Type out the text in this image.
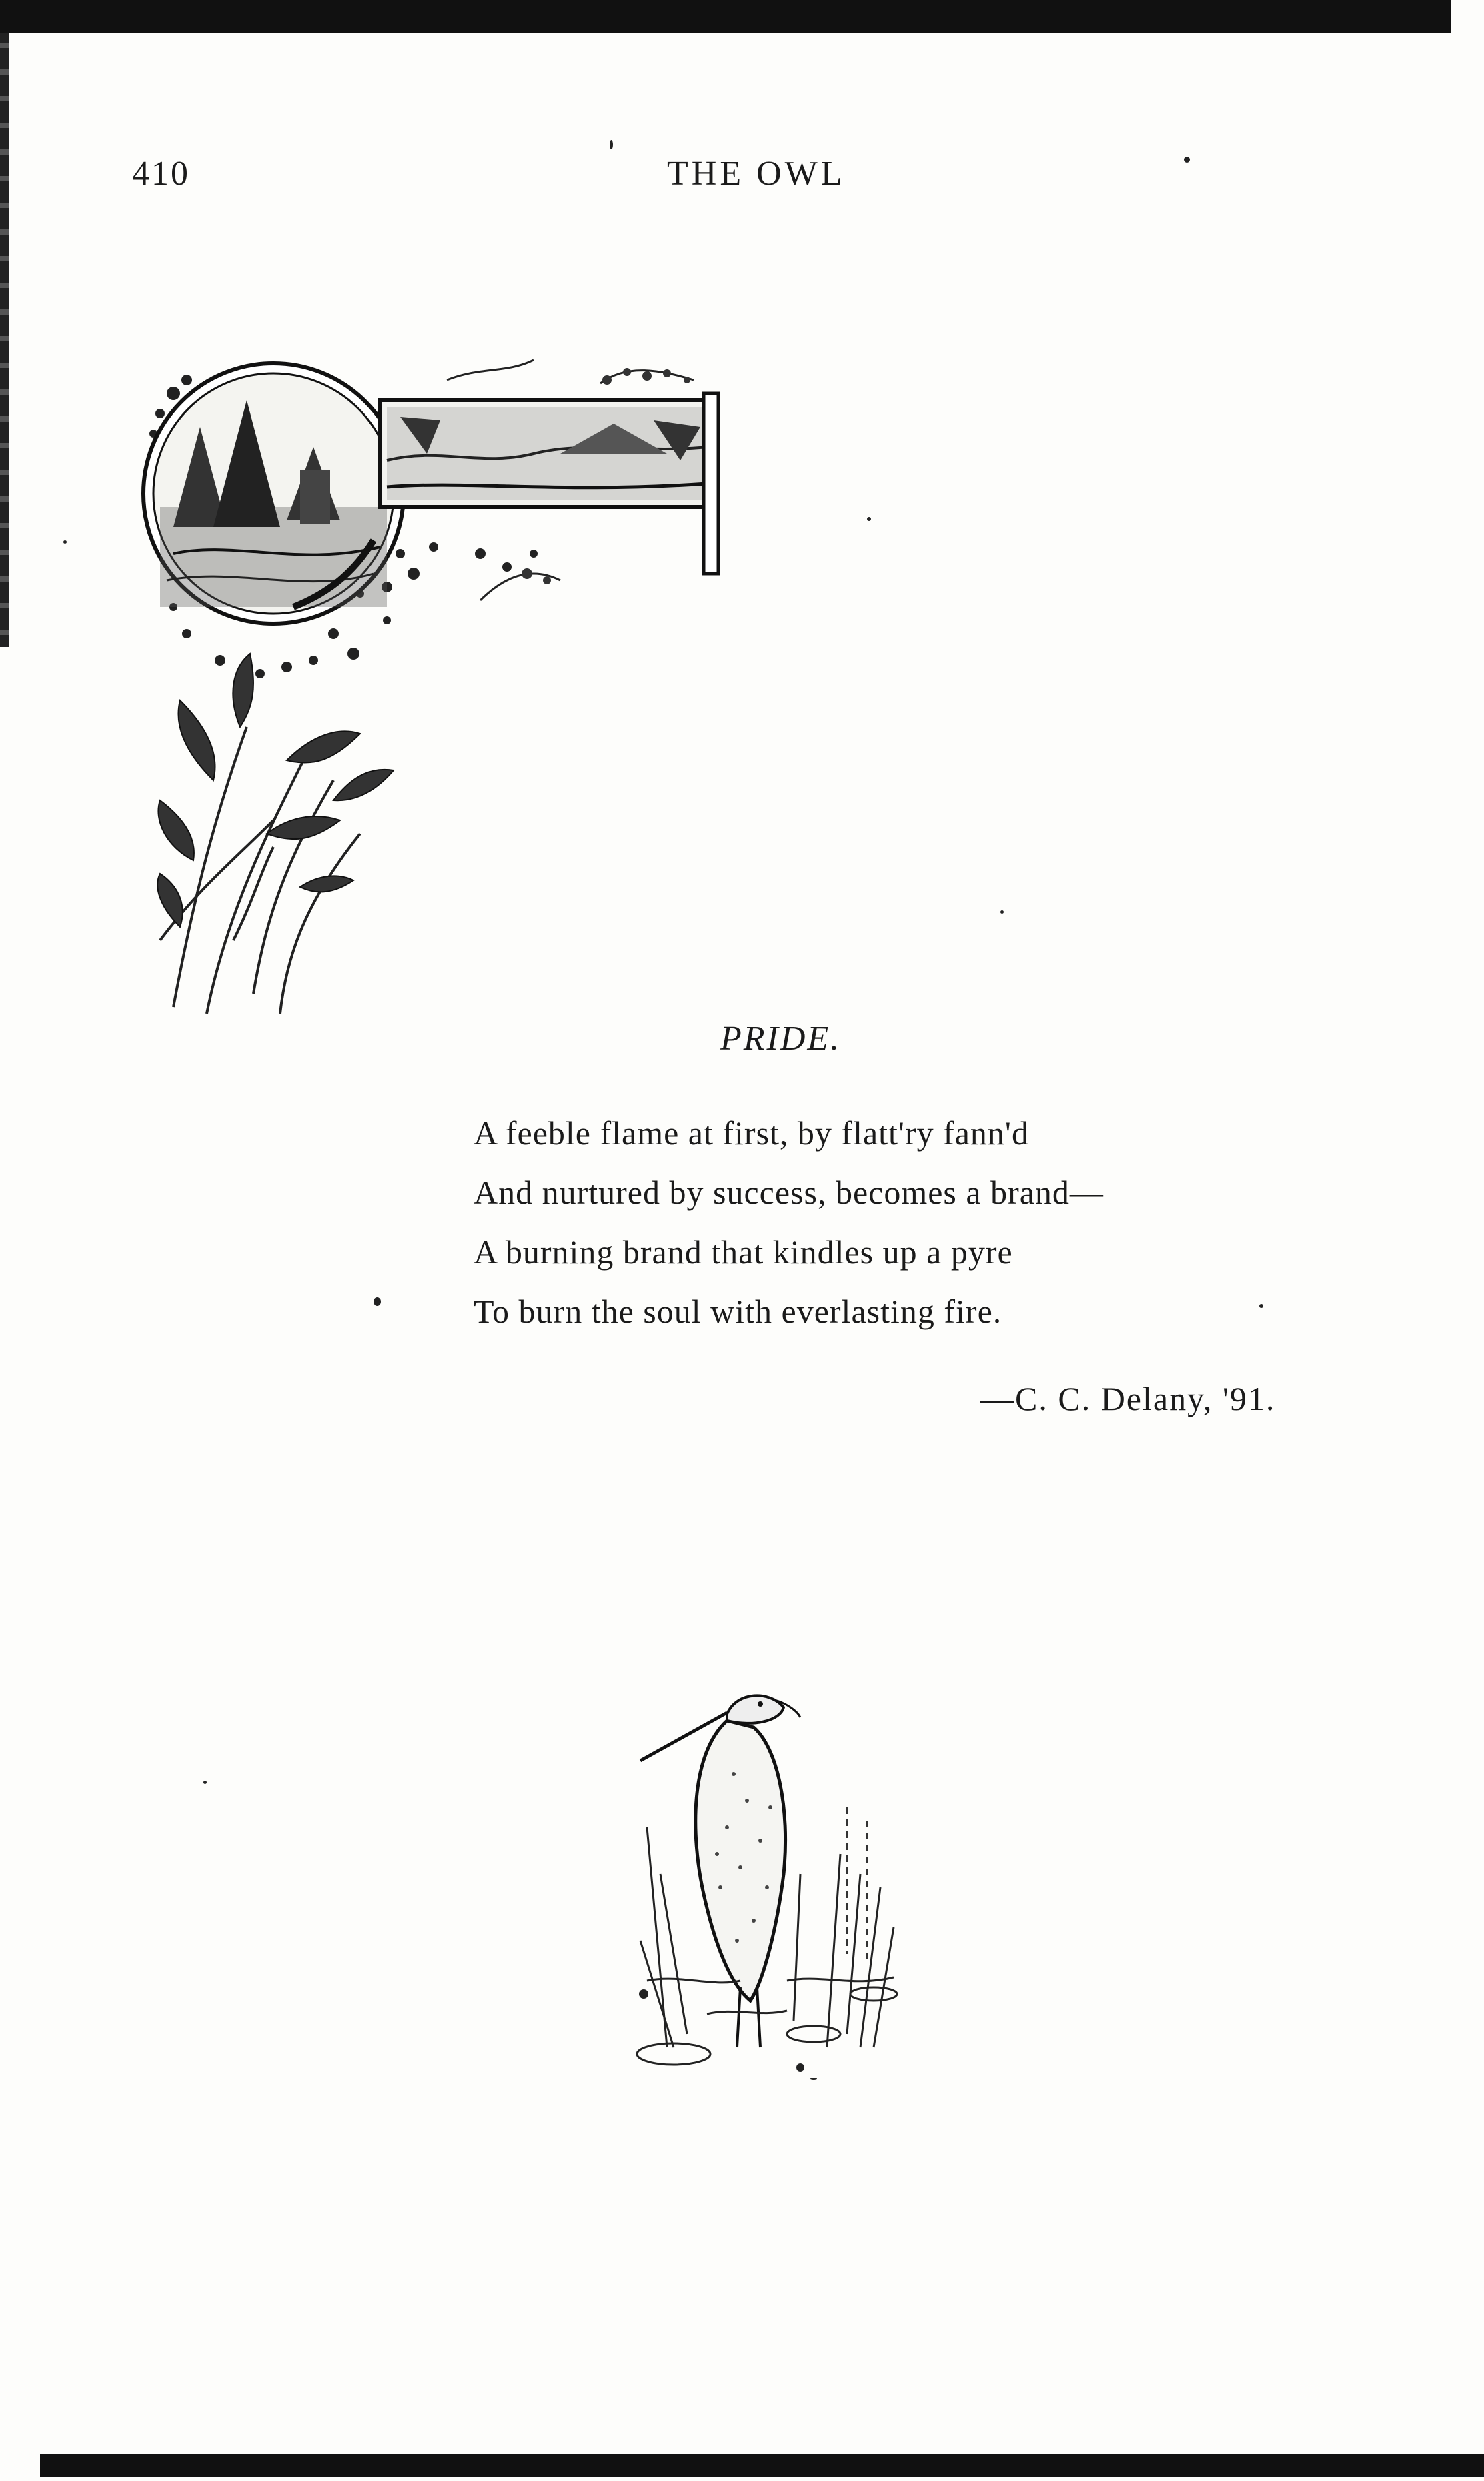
410	THE OWL
PRIDE.
A feeble flame at first, by flatt'ry fann'd
And nurtured by success, becomes a brand—
A burning brand that kindles up a pyre
To burn the soul with everlasting fire.
—C. C. Delany, '91.
